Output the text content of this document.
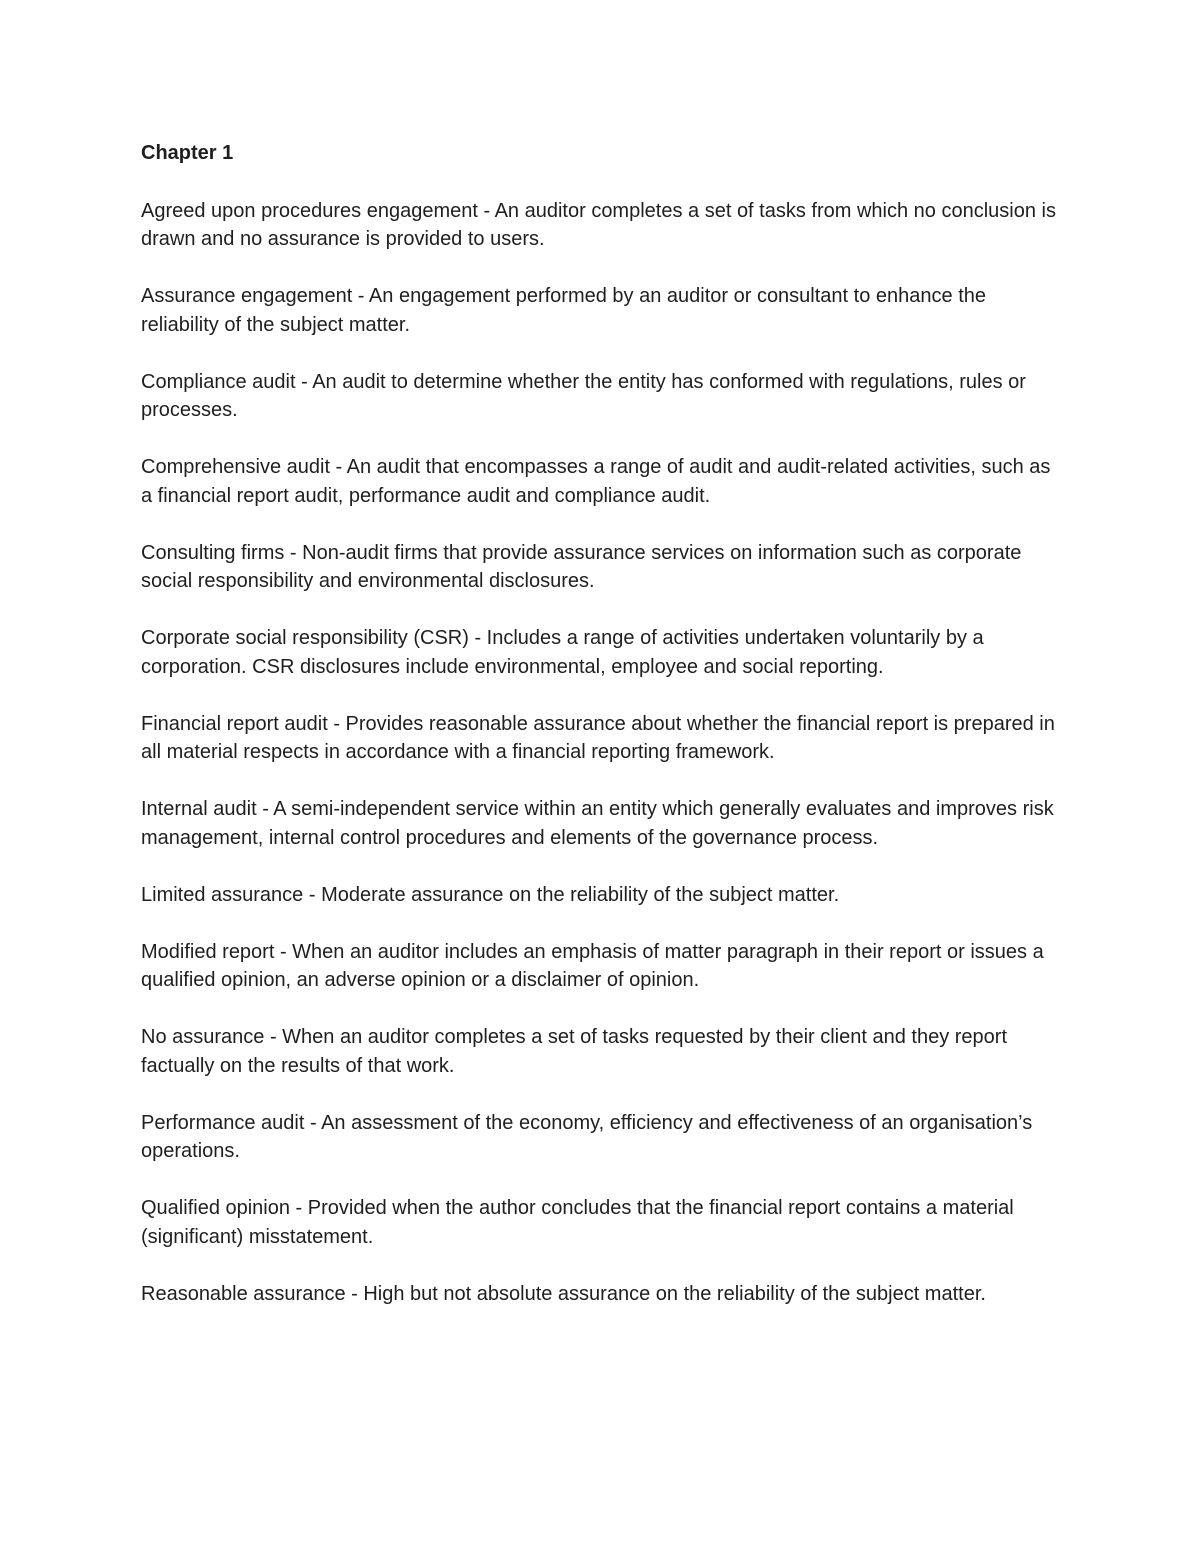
Chapter 1

Agreed upon procedures engagement - An auditor completes a set of tasks from which no conclusion is drawn and no assurance is provided to users.

Assurance engagement - An engagement performed by an auditor or consultant to enhance the reliability of the subject matter.

Compliance audit - An audit to determine whether the entity has conformed with regulations, rules or processes.

Comprehensive audit - An audit that encompasses a range of audit and audit-related activities, such as a financial report audit, performance audit and compliance audit.

Consulting firms - Non-audit firms that provide assurance services on information such as corporate social responsibility and environmental disclosures.

Corporate social responsibility (CSR) - Includes a range of activities undertaken voluntarily by a corporation. CSR disclosures include environmental, employee and social reporting.

Financial report audit - Provides reasonable assurance about whether the financial report is prepared in all material respects in accordance with a financial reporting framework.

Internal audit - A semi-independent service within an entity which generally evaluates and improves risk management, internal control procedures and elements of the governance process.

Limited assurance - Moderate assurance on the reliability of the subject matter.

Modified report - When an auditor includes an emphasis of matter paragraph in their report or issues a qualified opinion, an adverse opinion or a disclaimer of opinion.

No assurance - When an auditor completes a set of tasks requested by their client and they report factually on the results of that work.

Performance audit - An assessment of the economy, efficiency and effectiveness of an organisation’s operations.

Qualified opinion - Provided when the author concludes that the financial report contains a material (significant) misstatement.

Reasonable assurance - High but not absolute assurance on the reliability of the subject matter.
